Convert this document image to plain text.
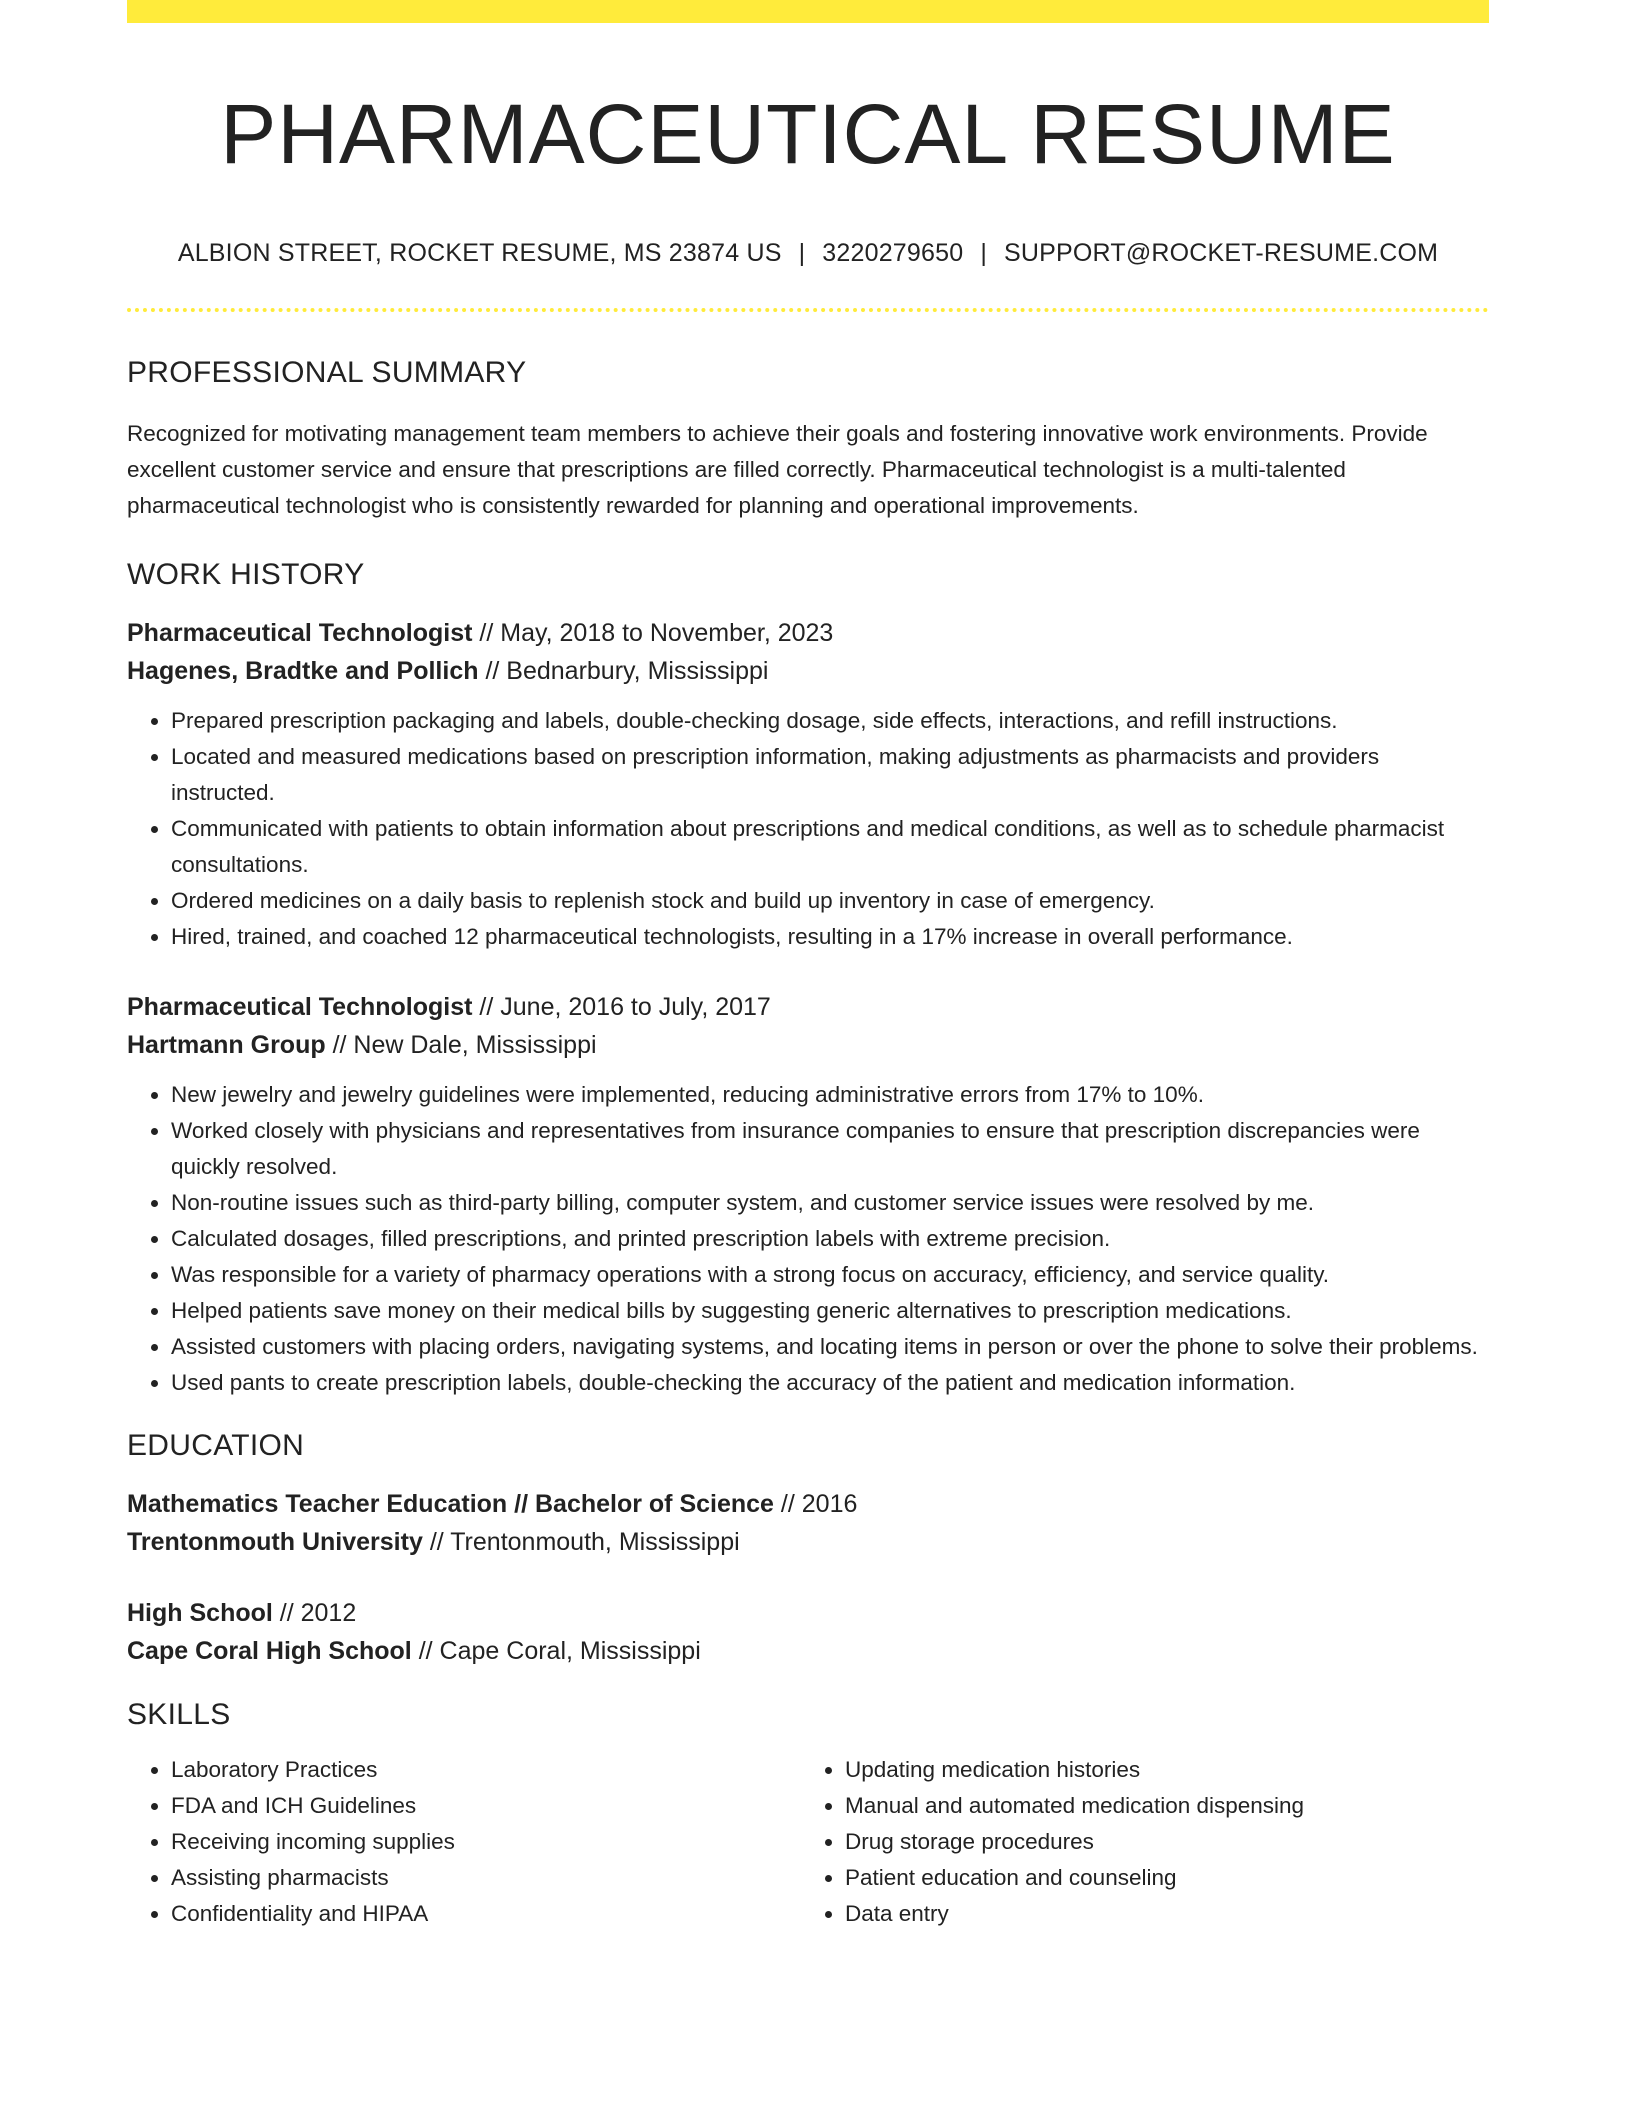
PHARMACEUTICAL RESUME
ALBION STREET, ROCKET RESUME, MS 23874 US | 3220279650 | SUPPORT@ROCKET-RESUME.COM
PROFESSIONAL SUMMARY
Recognized for motivating management team members to achieve their goals and fostering innovative work environments. Provide excellent customer service and ensure that prescriptions are filled correctly. Pharmaceutical technologist is a multi-talented pharmaceutical technologist who is consistently rewarded for planning and operational improvements.
WORK HISTORY
Pharmaceutical Technologist // May, 2018 to November, 2023
Hagenes, Bradtke and Pollich // Bednarbury, Mississippi
• Prepared prescription packaging and labels, double-checking dosage, side effects, interactions, and refill instructions.
• Located and measured medications based on prescription information, making adjustments as pharmacists and providers instructed.
• Communicated with patients to obtain information about prescriptions and medical conditions, as well as to schedule pharmacist consultations.
• Ordered medicines on a daily basis to replenish stock and build up inventory in case of emergency.
• Hired, trained, and coached 12 pharmaceutical technologists, resulting in a 17% increase in overall performance.
Pharmaceutical Technologist // June, 2016 to July, 2017
Hartmann Group // New Dale, Mississippi
• New jewelry and jewelry guidelines were implemented, reducing administrative errors from 17% to 10%.
• Worked closely with physicians and representatives from insurance companies to ensure that prescription discrepancies were quickly resolved.
• Non-routine issues such as third-party billing, computer system, and customer service issues were resolved by me.
• Calculated dosages, filled prescriptions, and printed prescription labels with extreme precision.
• Was responsible for a variety of pharmacy operations with a strong focus on accuracy, efficiency, and service quality.
• Helped patients save money on their medical bills by suggesting generic alternatives to prescription medications.
• Assisted customers with placing orders, navigating systems, and locating items in person or over the phone to solve their problems.
• Used pants to create prescription labels, double-checking the accuracy of the patient and medication information.
EDUCATION
Mathematics Teacher Education // Bachelor of Science // 2016
Trentonmouth University // Trentonmouth, Mississippi
High School // 2012
Cape Coral High School // Cape Coral, Mississippi
SKILLS
• Laboratory Practices
• FDA and ICH Guidelines
• Receiving incoming supplies
• Assisting pharmacists
• Confidentiality and HIPAA
• Updating medication histories
• Manual and automated medication dispensing
• Drug storage procedures
• Patient education and counseling
• Data entry
